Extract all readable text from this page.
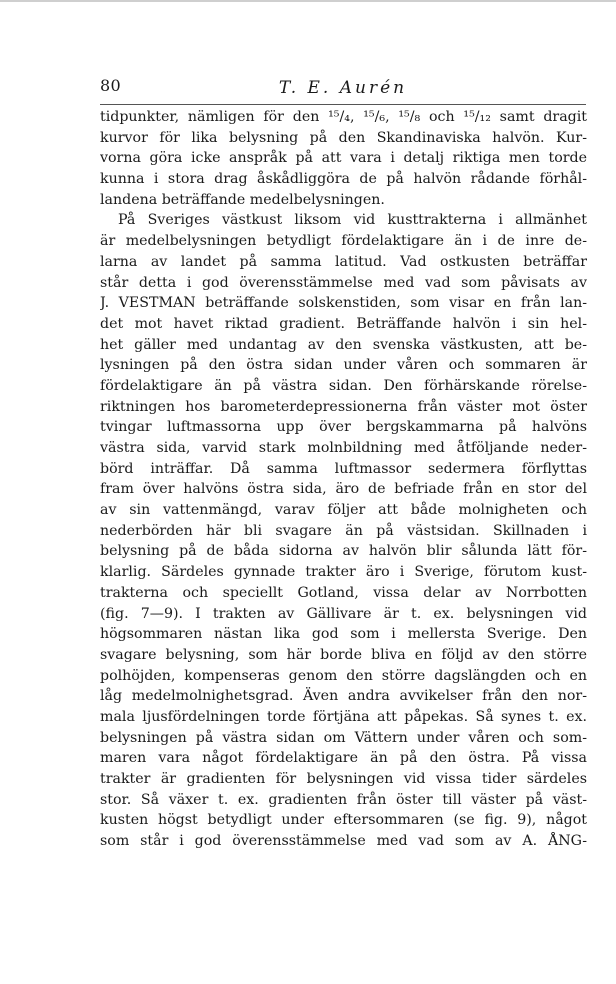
80	T. E. Aurén
tidpunkter, nämligen för den ¹⁵/₄, ¹⁵/₆, ¹⁵/₈ och ¹⁵/₁₂ samt dragit
kurvor för lika belysning på den Skandinaviska halvön. Kur-
vorna göra icke anspråk på att vara i detalj riktiga men torde
kunna i stora drag åskådliggöra de på halvön rådande förhål-
landena beträffande medelbelysningen.
På Sveriges västkust liksom vid kusttrakterna i allmänhet
är medelbelysningen betydligt fördelaktigare än i de inre de-
larna av landet på samma latitud. Vad ostkusten beträffar
står detta i god överensstämmelse med vad som påvisats av
J. VESTMAN beträffande solskenstiden, som visar en från lan-
det mot havet riktad gradient. Beträffande halvön i sin hel-
het gäller med undantag av den svenska västkusten, att be-
lysningen på den östra sidan under våren och sommaren är
fördelaktigare än på västra sidan. Den förhärskande rörelse-
riktningen hos barometerdepressionerna från väster mot öster
tvingar luftmassorna upp över bergskammarna på halvöns
västra sida, varvid stark molnbildning med åtföljande neder-
börd inträffar. Då samma luftmassor sedermera förflyttas
fram över halvöns östra sida, äro de befriade från en stor del
av sin vattenmängd, varav följer att både molnigheten och
nederbörden här bli svagare än på västsidan. Skillnaden i
belysning på de båda sidorna av halvön blir sålunda lätt för-
klarlig. Särdeles gynnade trakter äro i Sverige, förutom kust-
trakterna och speciellt Gotland, vissa delar av Norrbotten
(fig. 7—9). I trakten av Gällivare är t. ex. belysningen vid
högsommaren nästan lika god som i mellersta Sverige. Den
svagare belysning, som här borde bliva en följd av den större
polhöjden, kompenseras genom den större dagslängden och en
låg medelmolnighetsgrad. Även andra avvikelser från den nor-
mala ljusfördelningen torde förtjäna att påpekas. Så synes t. ex.
belysningen på västra sidan om Vättern under våren och som-
maren vara något fördelaktigare än på den östra. På vissa
trakter är gradienten för belysningen vid vissa tider särdeles
stor. Så växer t. ex. gradienten från öster till väster på väst-
kusten högst betydligt under eftersommaren (se fig. 9), något
som står i god överensstämmelse med vad som av A. ÅNG-
